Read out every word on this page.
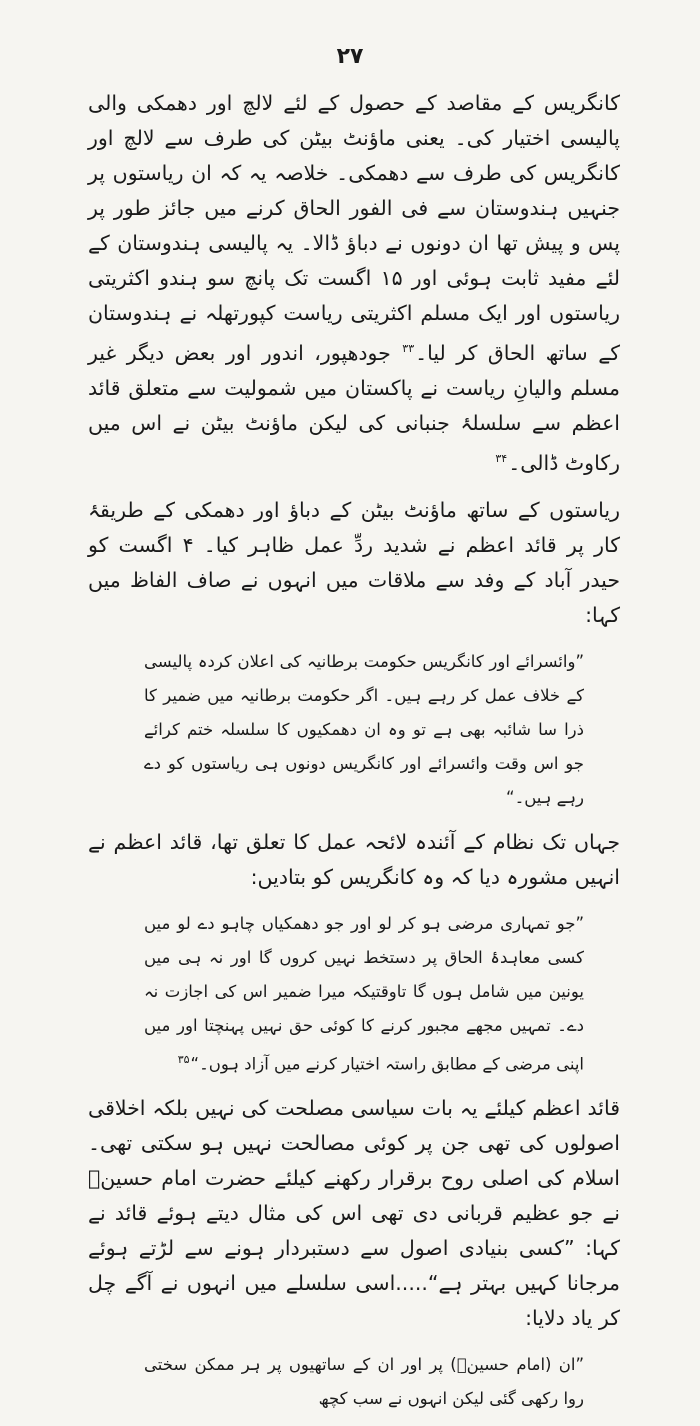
۲۷

کانگریس کے مقاصد کے حصول کے لئے لالچ اور دھمکی والی پالیسی اختیار کی۔ یعنی ماؤنٹ بیٹن کی طرف سے لالچ اور کانگریس کی طرف سے دھمکی۔ خلاصہ یہ کہ ان ریاستوں پر جنہیں ہندوستان سے فی الفور الحاق کرنے میں جائز طور پر پس و پیش تھا ان دونوں نے دباؤ ڈالا۔ یہ پالیسی ہندوستان کے لئے مفید ثابت ہوئی اور ۱۵ اگست تک پانچ سو ہندو اکثریتی ریاستوں اور ایک مسلم اکثریتی ریاست کپورتھلہ نے ہندوستان کے ساتھ الحاق کر لیا۔$^{۳۳}$ جودھپور، اندور اور بعض دیگر غیر مسلم والیانِ ریاست نے پاکستان میں شمولیت سے متعلق قائد اعظم سے سلسلۂ جنبانی کی لیکن ماؤنٹ بیٹن نے اس میں رکاوٹ ڈالی۔$^{۳۴}$

ریاستوں کے ساتھ ماؤنٹ بیٹن کے دباؤ اور دھمکی کے طریقۂ کار پر قائد اعظم نے شدید ردِّ عمل ظاہر کیا۔ ۴ اگست کو حیدر آباد کے وفد سے ملاقات میں انہوں نے صاف الفاظ میں کہا:

”وائسرائے اور کانگریس حکومت برطانیہ کی اعلان کردہ پالیسی کے خلاف عمل کر رہے ہیں۔ اگر حکومت برطانیہ میں ضمیر کا ذرا سا شائبہ بھی ہے تو وہ ان دھمکیوں کا سلسلہ ختم کرائے جو اس وقت وائسرائے اور کانگریس دونوں ہی ریاستوں کو دے رہے ہیں۔“

جہاں تک نظام کے آئندہ لائحہ عمل کا تعلق تھا، قائد اعظم نے انہیں مشورہ دیا کہ وہ کانگریس کو بتادیں:

”جو تمہاری مرضی ہو کر لو اور جو دھمکیاں چاہو دے لو میں کسی معاہدۂ الحاق پر دستخط نہیں کروں گا اور نہ ہی میں یونین میں شامل ہوں گا تاوقتیکہ میرا ضمیر اس کی اجازت نہ دے۔ تمہیں مجھے مجبور کرنے کا کوئی حق نہیں پہنچتا اور میں اپنی مرضی کے مطابق راستہ اختیار کرنے میں آزاد ہوں۔“$^{۳۵}$

قائد اعظم کیلئے یہ بات سیاسی مصلحت کی نہیں بلکہ اخلاقی اصولوں کی تھی جن پر کوئی مصالحت نہیں ہو سکتی تھی۔ اسلام کی اصلی روح برقرار رکھنے کیلئے حضرت امام حسینؓ نے جو عظیم قربانی دی تھی اس کی مثال دیتے ہوئے قائد نے کہا: ”کسی بنیادی اصول سے دستبردار ہونے سے لڑتے ہوئے مرجانا کہیں بہتر ہے“.....اسی سلسلے میں انہوں نے آگے چل کر یاد دلایا:

”ان (امام حسینؓ) پر اور ان کے ساتھیوں پر ہر ممکن سختی روا رکھی گئی لیکن انہوں نے سب کچھ
